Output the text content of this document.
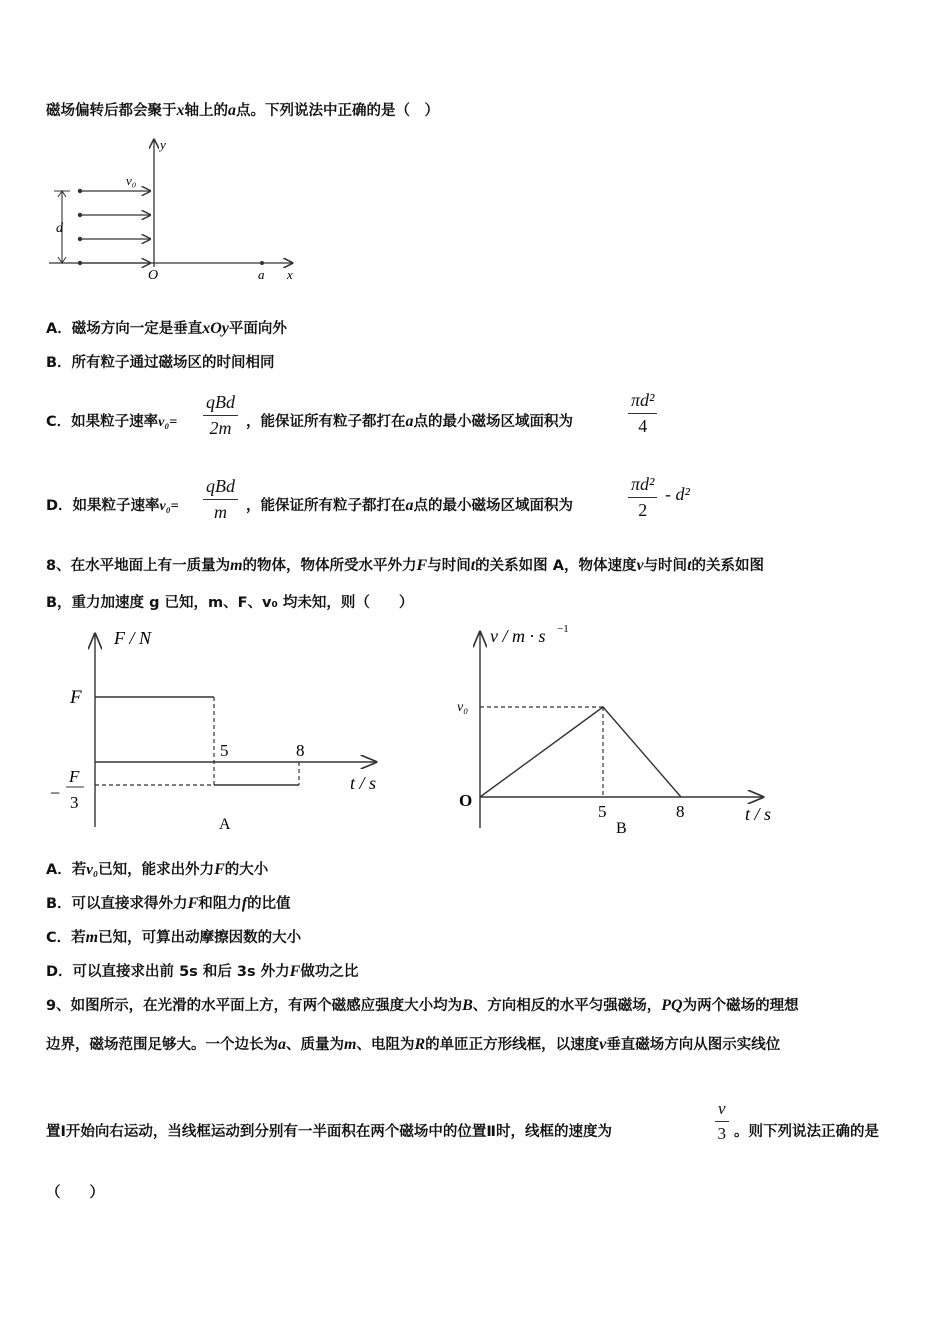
磁场偏转后都会聚于x轴上的a点。下列说法中正确的是（　）
y
v₀
d
O	a x
A．磁场方向一定是垂直xOy平面向外
B．所有粒子通过磁场区的时间相同
C．如果粒子速率v₀=
qBd
2m	，能保证所有粒子都打在a点的最小磁场区域面积为
πd²
4
D．如果粒子速率v₀=
qBd
m	，能保证所有粒子都打在a点的最小磁场区域面积为
πd²
2
- d²
8、在水平地面上有一质量为m的物体，物体所受水平外力F与时间t的关系如图 A，物体速度v与时间t的关系如图
B，重力加速度 g 已知，m、F、v₀ 均未知，则（　　）
F / N
F
−
F
3
5	8
t / s
A
v / m · s −1
v₀
O
5	8	t / s
B
A．若v₀已知，能求出外力F的大小
B．可以直接求得外力F和阻力f的比值
C．若m已知，可算出动摩擦因数的大小
D．可以直接求出前 5s 和后 3s 外力F做功之比
9、如图所示，在光滑的水平面上方，有两个磁感应强度大小均为B、方向相反的水平匀强磁场，PQ为两个磁场的理想
边界，磁场范围足够大。一个边长为a、质量为m、电阻为R的单匝正方形线框，以速度v垂直磁场方向从图示实线位
置Ⅰ开始向右运动，当线框运动到分别有一半面积在两个磁场中的位置Ⅱ时，线框的速度为
v
3 。则下列说法正确的是
（　　）
